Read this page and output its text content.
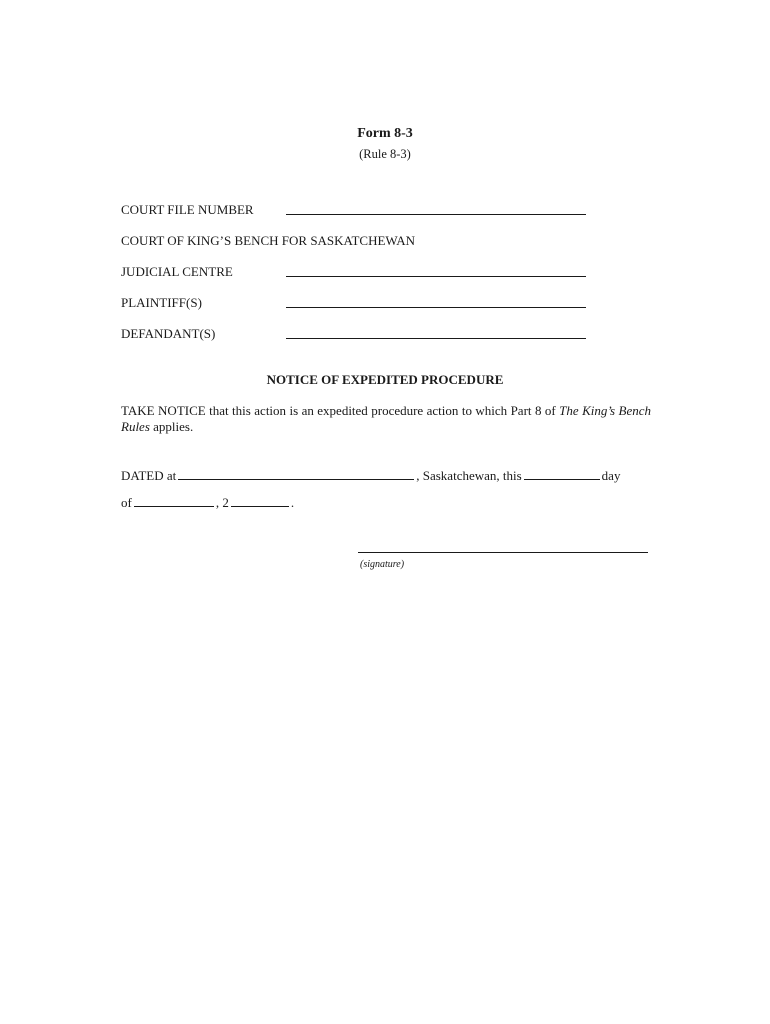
Form 8-3
(Rule 8-3)
COURT FILE NUMBER
COURT OF KING’S BENCH FOR SASKATCHEWAN
JUDICIAL CENTRE
PLAINTIFF(S)
DEFANDANT(S)
NOTICE OF EXPEDITED PROCEDURE
TAKE NOTICE that this action is an expedited procedure action to which Part 8 of The King’s Bench Rules applies.
DATED at	, Saskatchewan, this	day
of	, 2	.
(signature)
